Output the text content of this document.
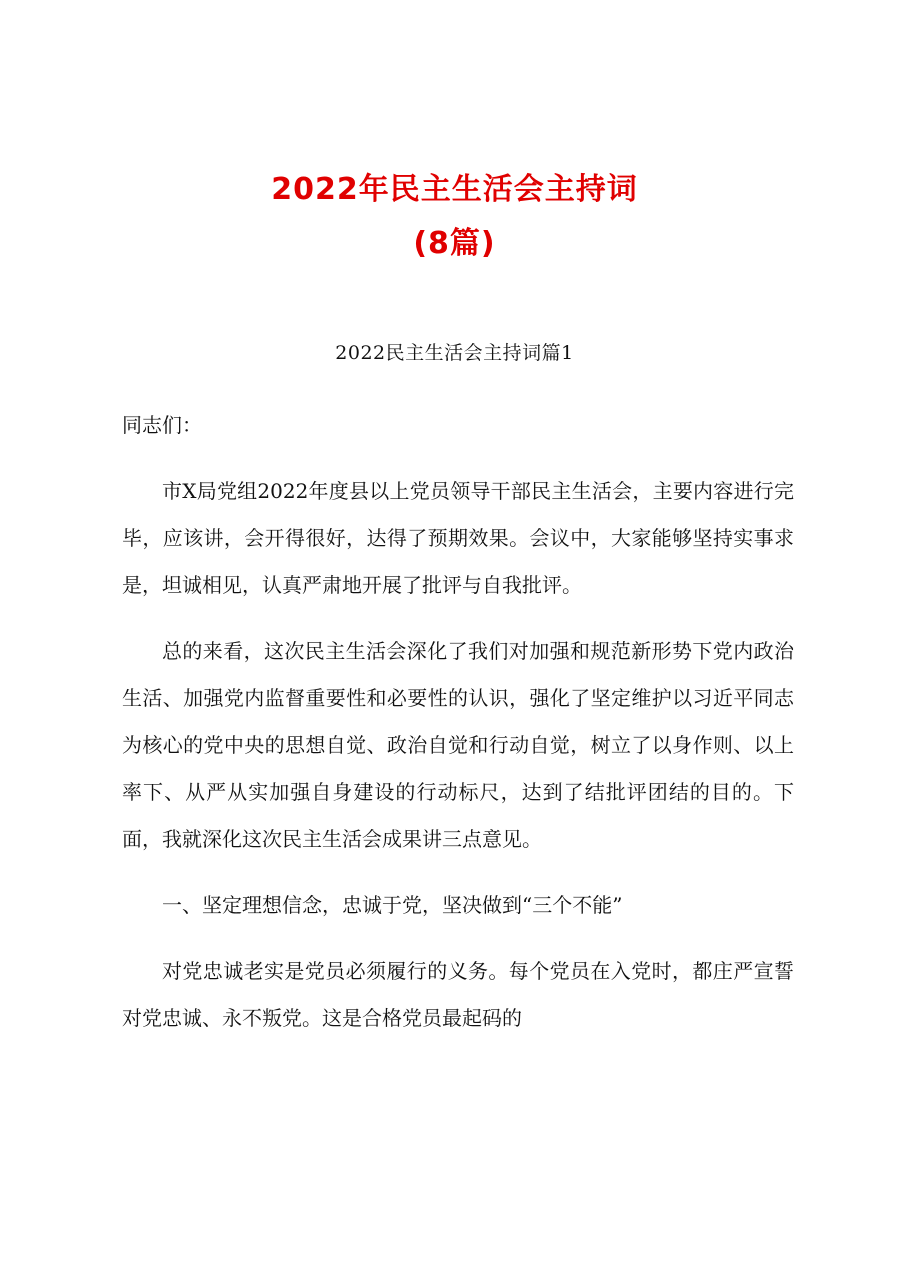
2022年民主生活会主持词
(8篇)
2022民主生活会主持词篇1

同志们：

市X局党组2022年度县以上党员领导干部民主生活会，主要内容进行完毕，应该讲，会开得很好，达得了预期效果。会议中，大家能够坚持实事求是，坦诚相见，认真严肃地开展了批评与自我批评。

总的来看，这次民主生活会深化了我们对加强和规范新形势下党内政治生活、加强党内监督重要性和必要性的认识，强化了坚定维护以习近平同志为核心的党中央的思想自觉、政治自觉和行动自觉，树立了以身作则、以上率下、从严从实加强自身建设的行动标尺，达到了结批评团结的目的。下面，我就深化这次民主生活会成果讲三点意见。

一、坚定理想信念，忠诚于党，坚决做到“三个不能”

对党忠诚老实是党员必须履行的义务。每个党员在入党时，都庄严宣誓对党忠诚、永不叛党。这是合格党员最起码的
